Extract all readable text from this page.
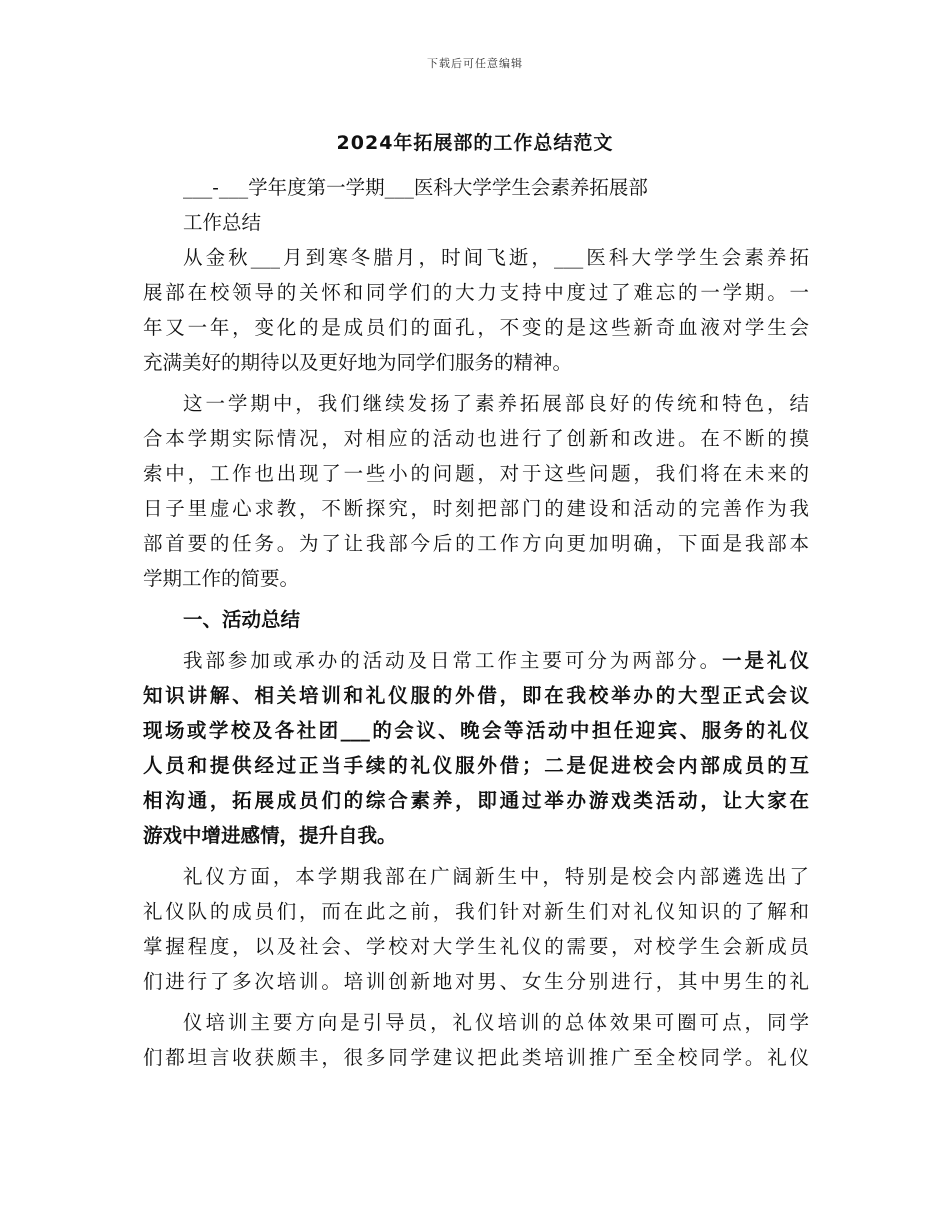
下载后可任意编辑
2024年拓展部的工作总结范文
___-___学年度第一学期___医科大学学生会素养拓展部
工作总结
从金秋___月到寒冬腊月，时间飞逝，___医科大学学生会素养拓
展部在校领导的关怀和同学们的大力支持中度过了难忘的一学期。一
年又一年，变化的是成员们的面孔，不变的是这些新奇血液对学生会
充满美好的期待以及更好地为同学们服务的精神。
这一学期中，我们继续发扬了素养拓展部良好的传统和特色，结
合本学期实际情况，对相应的活动也进行了创新和改进。在不断的摸
索中，工作也出现了一些小的问题，对于这些问题，我们将在未来的
日子里虚心求教，不断探究，时刻把部门的建设和活动的完善作为我
部首要的任务。为了让我部今后的工作方向更加明确，下面是我部本
学期工作的简要。
一、活动总结
我部参加或承办的活动及日常工作主要可分为两部分。一是礼仪
知识讲解、相关培训和礼仪服的外借，即在我校举办的大型正式会议
现场或学校及各社团___的会议、晚会等活动中担任迎宾、服务的礼仪
人员和提供经过正当手续的礼仪服外借；二是促进校会内部成员的互
相沟通，拓展成员们的综合素养，即通过举办游戏类活动，让大家在
游戏中增进感情，提升自我。
礼仪方面，本学期我部在广阔新生中，特别是校会内部遴选出了
礼仪队的成员们，而在此之前，我们针对新生们对礼仪知识的了解和
掌握程度，以及社会、学校对大学生礼仪的需要，对校学生会新成员
们进行了多次培训。培训创新地对男、女生分别进行，其中男生的礼
仪培训主要方向是引导员，礼仪培训的总体效果可圈可点，同学
们都坦言收获颇丰，很多同学建议把此类培训推广至全校同学。礼仪
